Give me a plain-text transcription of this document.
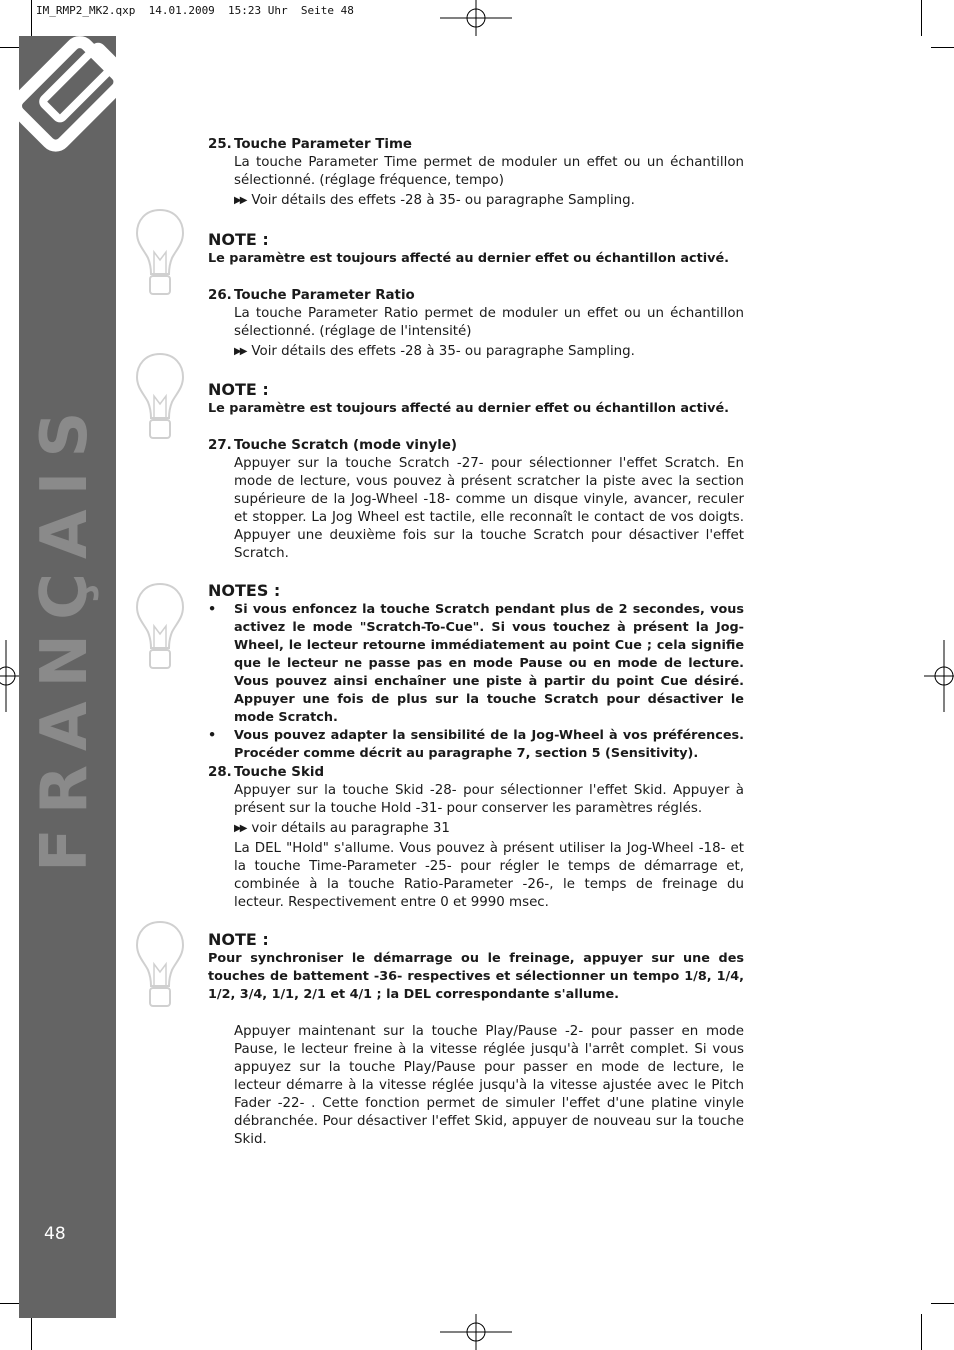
IM_RMP2_MK2.qxp  14.01.2009  15:23 Uhr  Seite 48
FRANÇAIS
48
25. Touche Parameter Time
La touche Parameter Time permet de moduler un effet ou un échantillon sélectionné. (réglage fréquence, tempo)
▶▶ Voir détails des effets -28 à 35- ou paragraphe Sampling.
NOTE :
Le paramètre est toujours affecté au dernier effet ou échantillon activé.
26. Touche Parameter Ratio
La touche Parameter Ratio permet de moduler un effet ou un échantillon sélectionné. (réglage de l'intensité)
▶▶ Voir détails des effets -28 à 35- ou paragraphe Sampling.
NOTE :
Le paramètre est toujours affecté au dernier effet ou échantillon activé.
27. Touche Scratch (mode vinyle)
Appuyer sur la touche Scratch -27- pour sélectionner l'effet Scratch. En mode de lecture, vous pouvez à présent scratcher la piste avec la section supérieure de la Jog-Wheel -18- comme un disque vinyle, avancer, reculer et stopper. La Jog Wheel est tactile, elle reconnaît le contact de vos doigts. Appuyer une deuxième fois sur la touche Scratch pour désactiver l'effet Scratch.
NOTES :
• Si vous enfoncez la touche Scratch pendant plus de 2 secondes, vous activez le mode "Scratch-To-Cue". Si vous touchez à présent la Jog-Wheel, le lecteur retourne immédiatement au point Cue ; cela signifie que le lecteur ne passe pas en mode Pause ou en mode de lecture. Vous pouvez ainsi enchaîner une piste à partir du point Cue désiré. Appuyer une fois de plus sur la touche Scratch pour désactiver le mode Scratch.
• Vous pouvez adapter la sensibilité de la Jog-Wheel à vos préférences. Procéder comme décrit au paragraphe 7, section 5 (Sensitivity).
28. Touche Skid
Appuyer sur la touche Skid -28- pour sélectionner l'effet Skid. Appuyer à présent sur la touche Hold -31- pour conserver les paramètres réglés.
▶▶ voir détails au paragraphe 31
La DEL "Hold" s'allume. Vous pouvez à présent utiliser la Jog-Wheel -18- et la touche Time-Parameter -25- pour régler le temps de démarrage et, combinée à la touche Ratio-Parameter -26-, le temps de freinage du lecteur. Respectivement entre 0 et 9990 msec.
NOTE :
Pour synchroniser le démarrage ou le freinage, appuyer sur une des touches de battement -36- respectives et sélectionner un tempo 1/8, 1/4, 1/2, 3/4, 1/1, 2/1 et 4/1 ; la DEL correspondante s'allume.
Appuyer maintenant sur la touche Play/Pause -2- pour passer en mode Pause, le lecteur freine à la vitesse réglée jusqu'à l'arrêt complet. Si vous appuyez sur la touche Play/Pause pour passer en mode de lecture, le lecteur démarre à la vitesse réglée jusqu'à la vitesse ajustée avec le Pitch Fader -22- . Cette fonction permet de simuler l'effet d'une platine vinyle débranchée. Pour désactiver l'effet Skid, appuyer de nouveau sur la touche Skid.
